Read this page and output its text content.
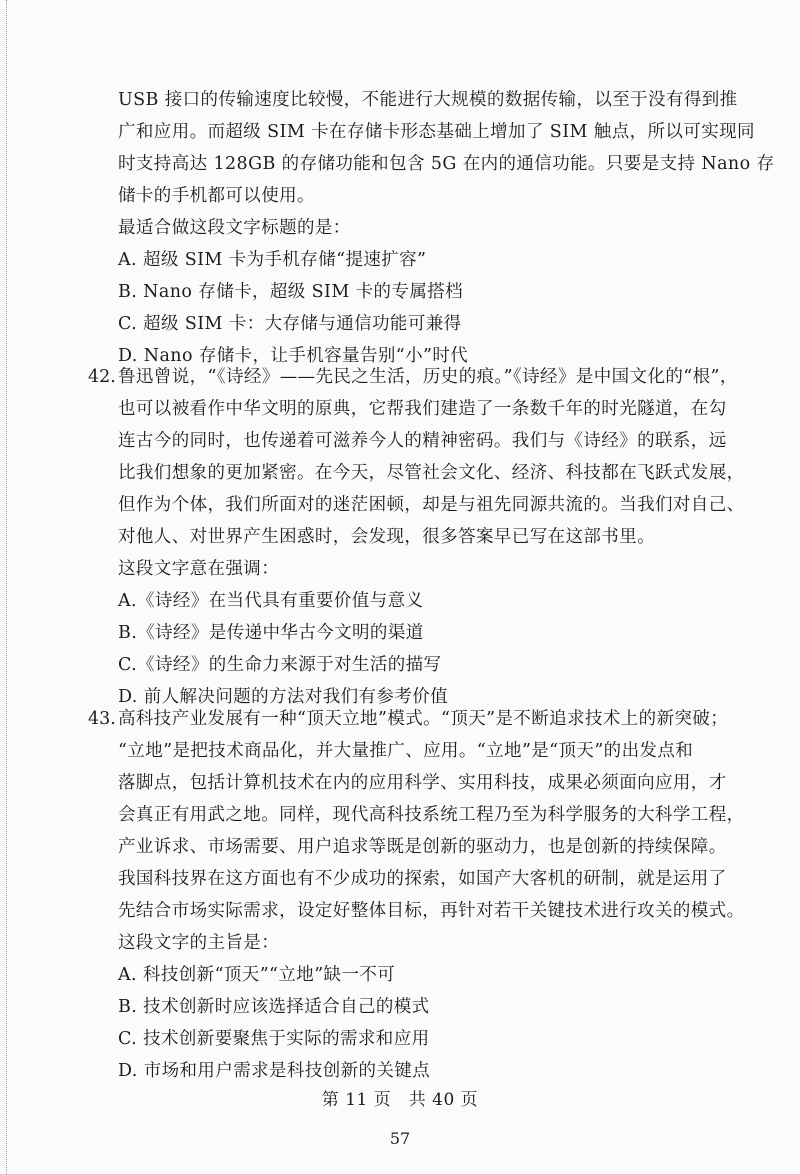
USB 接口的传输速度比较慢，不能进行大规模的数据传输，以至于没有得到推
广和应用。而超级 SIM 卡在存储卡形态基础上增加了 SIM 触点，所以可实现同
时支持高达 128GB 的存储功能和包含 5G 在内的通信功能。只要是支持 Nano 存
储卡的手机都可以使用。
最适合做这段文字标题的是：
A. 超级 SIM 卡为手机存储“提速扩容”
B. Nano 存储卡，超级 SIM 卡的专属搭档
C. 超级 SIM 卡：大存储与通信功能可兼得
D. Nano 存储卡，让手机容量告别“小”时代
42. 鲁迅曾说，“《诗经》——先民之生活，历史的痕。”《诗经》是中国文化的“根”，
也可以被看作中华文明的原典，它帮我们建造了一条数千年的时光隧道，在勾
连古今的同时，也传递着可滋养今人的精神密码。我们与《诗经》的联系，远
比我们想象的更加紧密。在今天，尽管社会文化、经济、科技都在飞跃式发展，
但作为个体，我们所面对的迷茫困顿，却是与祖先同源共流的。当我们对自己、
对他人、对世界产生困惑时，会发现，很多答案早已写在这部书里。
这段文字意在强调：
A.《诗经》在当代具有重要价值与意义
B.《诗经》是传递中华古今文明的渠道
C.《诗经》的生命力来源于对生活的描写
D. 前人解决问题的方法对我们有参考价值
43. 高科技产业发展有一种“顶天立地”模式。“顶天”是不断追求技术上的新突破；
“立地”是把技术商品化，并大量推广、应用。“立地”是“顶天”的出发点和
落脚点，包括计算机技术在内的应用科学、实用科技，成果必须面向应用，才
会真正有用武之地。同样，现代高科技系统工程乃至为科学服务的大科学工程，
产业诉求、市场需要、用户追求等既是创新的驱动力，也是创新的持续保障。
我国科技界在这方面也有不少成功的探索，如国产大客机的研制，就是运用了
先结合市场实际需求，设定好整体目标，再针对若干关键技术进行攻关的模式。
这段文字的主旨是：
A. 科技创新“顶天”“立地”缺一不可
B. 技术创新时应该选择适合自己的模式
C. 技术创新要聚焦于实际的需求和应用
D. 市场和用户需求是科技创新的关键点
第 11 页　共 40 页
57
